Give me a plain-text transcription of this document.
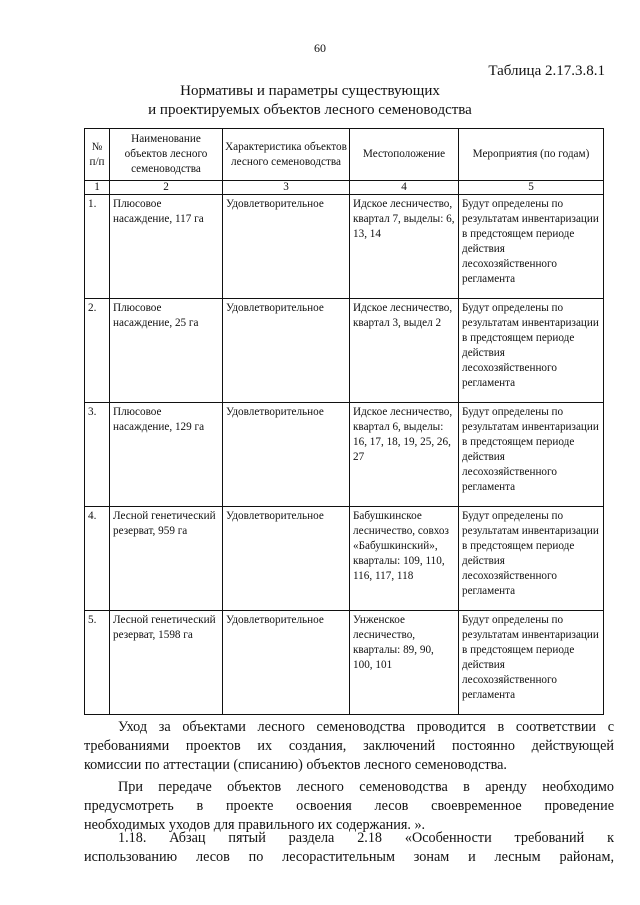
60
Таблица 2.17.3.8.1
Нормативы и параметры существующих
и проектируемых объектов лесного семеноводства
№ п/п	Наименование объектов лесного семеноводства	Характеристика объектов лесного семеноводства	Местоположение	Мероприятия (по годам)
1	2	3	4	5
1.	Плюсовое насаждение, 117 га	Удовлетворительное	Идское лесничество, квартал 7, выделы: 6, 13, 14	Будут определены по результатам инвентаризации в предстоящем периоде действия лесохозяйственного регламента
2.	Плюсовое насаждение, 25 га	Удовлетворительное	Идское лесничество, квартал 3, выдел 2	Будут определены по результатам инвентаризации в предстоящем периоде действия лесохозяйственного регламента
3.	Плюсовое насаждение, 129 га	Удовлетворительное	Идское лесничество, квартал 6, выделы: 16, 17, 18, 19, 25, 26, 27	Будут определены по результатам инвентаризации в предстоящем периоде действия лесохозяйственного регламента
4.	Лесной генетический резерват, 959 га	Удовлетворительное	Бабушкинское лесничество, совхоз «Бабушкинский», кварталы: 109, 110, 116, 117, 118	Будут определены по результатам инвентаризации в предстоящем периоде действия лесохозяйственного регламента
5.	Лесной генетический резерват, 1598 га	Удовлетворительное	Унженское лесничество, кварталы: 89, 90, 100, 101	Будут определены по результатам инвентаризации в предстоящем периоде действия лесохозяйственного регламента
Уход за объектами лесного семеноводства проводится в соответствии с
требованиями проектов их создания, заключений постоянно действующей
комиссии по аттестации (списанию) объектов лесного семеноводства.
При передаче объектов лесного семеноводства в аренду необходимо
предусмотреть в проекте освоения лесов своевременное проведение
необходимых уходов для правильного их содержания. ».
1.18. Абзац пятый раздела 2.18 «Особенности требований к
использованию лесов по лесорастительным зонам и лесным районам,
